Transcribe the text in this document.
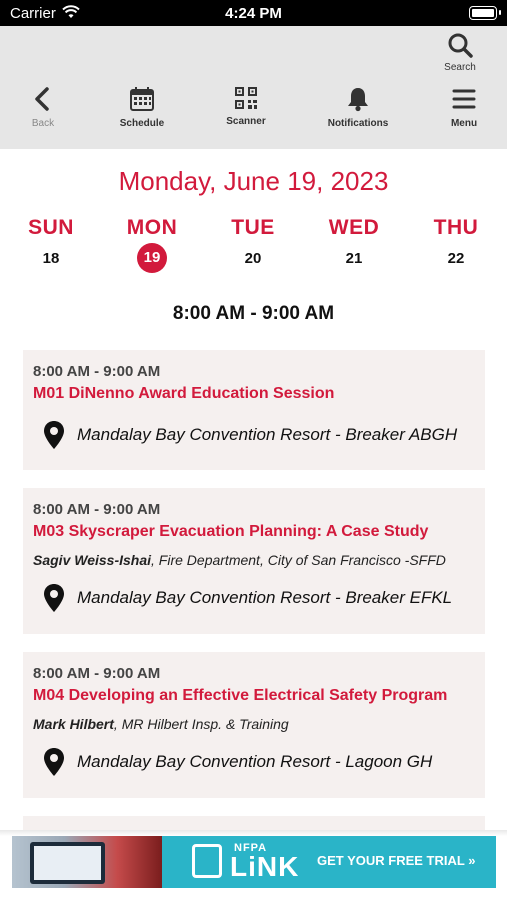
Carrier	4:24 PM
Search
Back	Schedule	Scanner	Notifications	Menu
Monday, June 19, 2023
SUN
18
MON
19
TUE
20
WED
21
THU
22
8:00 AM - 9:00 AM
8:00 AM - 9:00 AM
M01 DiNenno Award Education Session
Mandalay Bay Convention Resort - Breaker ABGH
8:00 AM - 9:00 AM
M03 Skyscraper Evacuation Planning: A Case Study
Sagiv Weiss-Ishai, Fire Department, City of San Francisco -SFFD
Mandalay Bay Convention Resort - Breaker EFKL
8:00 AM - 9:00 AM
M04 Developing an Effective Electrical Safety Program
Mark Hilbert, MR Hilbert Insp. & Training
Mandalay Bay Convention Resort - Lagoon GH
NFPA
LiNK GET YOUR FREE TRIAL »
